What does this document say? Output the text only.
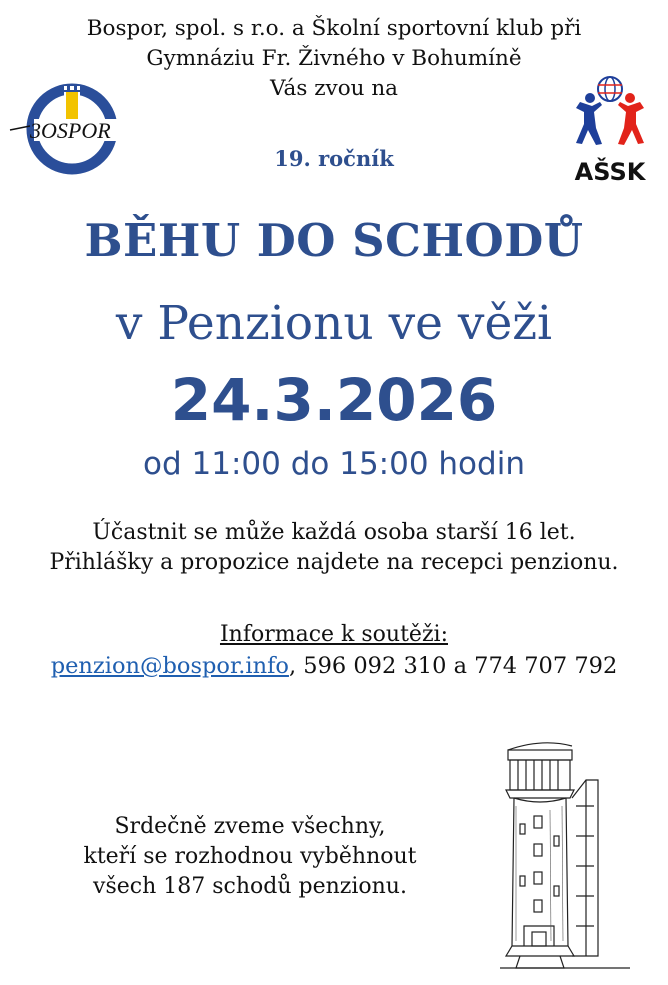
Bospor, spol. s r.o. a Školní sportovní klub při
Gymnáziu Fr. Živného v Bohumíně
Vás zvou na
3OSPOR
AŠSK
19. ročník
BĚHU DO SCHODŮ
v Penzionu ve věži
24.3.2026
od 11:00 do 15:00 hodin
Účastnit se může každá osoba starší 16 let.
Přihlášky a propozice najdete na recepci penzionu.
Informace k soutěži:
penzion@bospor.info, 596 092 310 a 774 707 792
Srdečně zveme všechny,
kteří se rozhodnou vyběhnout
všech 187 schodů penzionu.
